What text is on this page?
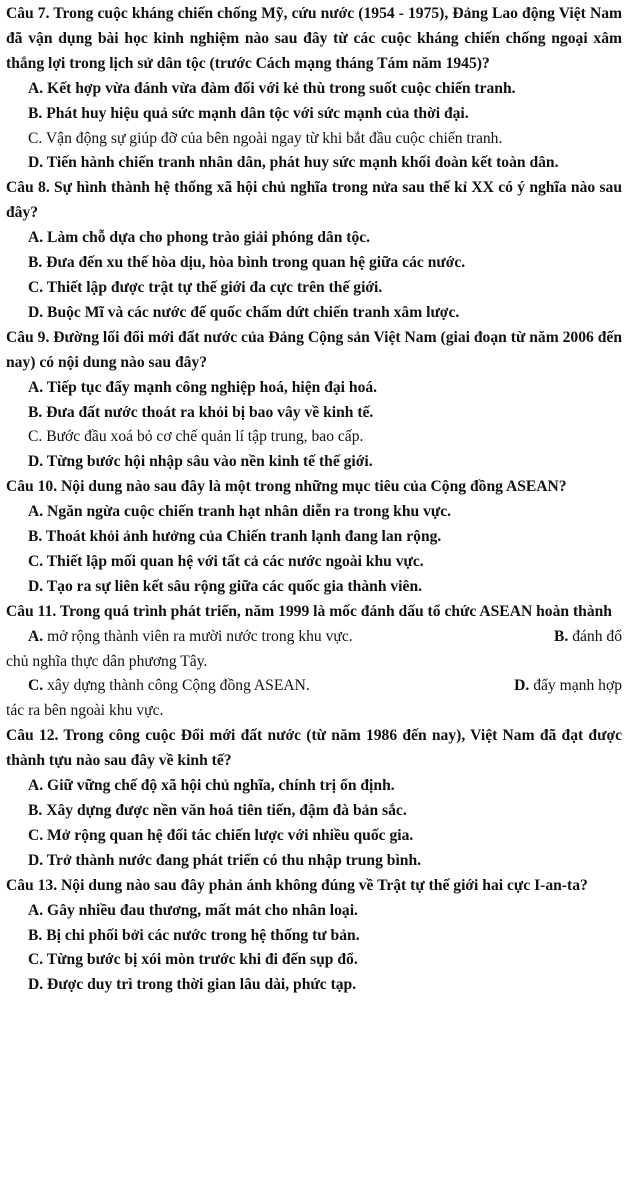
Câu 7. Trong cuộc kháng chiến chống Mỹ, cứu nước (1954 - 1975), Đảng Lao động Việt Nam đã vận dụng bài học kinh nghiệm nào sau đây từ các cuộc kháng chiến chống ngoại xâm thắng lợi trong lịch sử dân tộc (trước Cách mạng tháng Tám năm 1945)?

A. Kết hợp vừa đánh vừa đàm đối với kẻ thù trong suốt cuộc chiến tranh.

B. Phát huy hiệu quả sức mạnh dân tộc với sức mạnh của thời đại.

C. Vận động sự giúp đỡ của bên ngoài ngay từ khi bắt đầu cuộc chiến tranh.

D. Tiến hành chiến tranh nhân dân, phát huy sức mạnh khối đoàn kết toàn dân.

Câu 8. Sự hình thành hệ thống xã hội chủ nghĩa trong nửa sau thế kỉ XX có ý nghĩa nào sau đây?

A. Làm chỗ dựa cho phong trào giải phóng dân tộc.

B. Đưa đến xu thế hòa dịu, hòa bình trong quan hệ giữa các nước.

C. Thiết lập được trật tự thế giới đa cực trên thế giới.

D. Buộc Mĩ và các nước đế quốc chấm dứt chiến tranh xâm lược.

Câu 9. Đường lối đổi mới đất nước của Đảng Cộng sản Việt Nam (giai đoạn từ năm 2006 đến nay) có nội dung nào sau đây?

A. Tiếp tục đẩy mạnh công nghiệp hoá, hiện đại hoá.

B. Đưa đất nước thoát ra khỏi bị bao vây về kinh tế.

C. Bước đầu xoá bỏ cơ chế quản lí tập trung, bao cấp.

D. Từng bước hội nhập sâu vào nền kinh tế thế giới.

Câu 10. Nội dung nào sau đây là một trong những mục tiêu của Cộng đồng ASEAN?

A. Ngăn ngừa cuộc chiến tranh hạt nhân diễn ra trong khu vực.

B. Thoát khỏi ảnh hưởng của Chiến tranh lạnh đang lan rộng.

C. Thiết lập mối quan hệ với tất cả các nước ngoài khu vực.

D. Tạo ra sự liên kết sâu rộng giữa các quốc gia thành viên.

Câu 11. Trong quá trình phát triển, năm 1999 là mốc đánh dấu tổ chức ASEAN hoàn thành

A. mở rộng thành viên ra mười nước trong khu vực.	B. đánh đổ

chủ nghĩa thực dân phương Tây.

C. xây dựng thành công Cộng đồng ASEAN.	D. đẩy mạnh hợp

tác ra bên ngoài khu vực.

Câu 12. Trong công cuộc Đổi mới đất nước (từ năm 1986 đến nay), Việt Nam đã đạt được thành tựu nào sau đây về kinh tế?

A. Giữ vững chế độ xã hội chủ nghĩa, chính trị ổn định.

B. Xây dựng được nền văn hoá tiên tiến, đậm đà bản sắc.

C. Mở rộng quan hệ đối tác chiến lược với nhiều quốc gia.

D. Trở thành nước đang phát triển có thu nhập trung bình.

Câu 13. Nội dung nào sau đây phản ánh không đúng về Trật tự thế giới hai cực I-an-ta?

A. Gây nhiều đau thương, mất mát cho nhân loại.

B. Bị chi phối bởi các nước trong hệ thống tư bản.

C. Từng bước bị xói mòn trước khi đi đến sụp đổ.

D. Được duy trì trong thời gian lâu dài, phức tạp.
